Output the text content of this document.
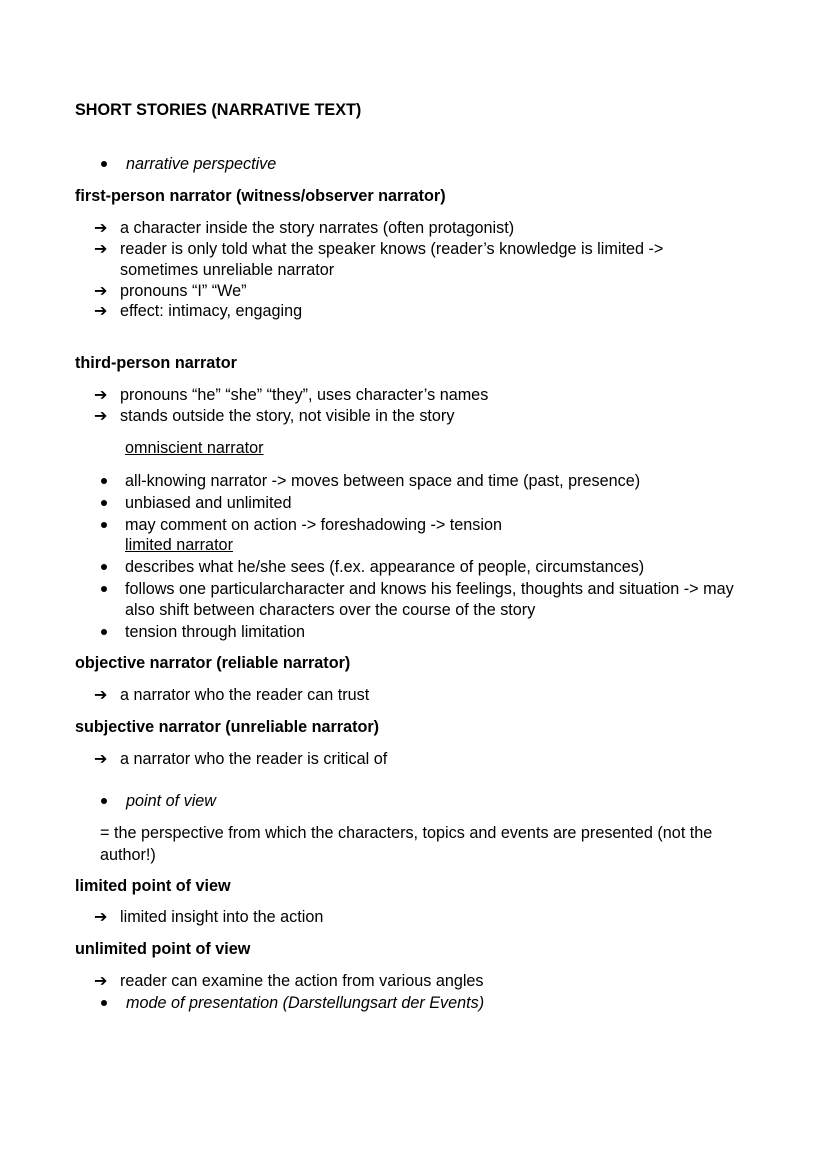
SHORT STORIES (NARRATIVE TEXT)
narrative perspective
first-person narrator (witness/observer narrator)
➔ a character inside the story narrates (often protagonist)
➔ reader is only told what the speaker knows (reader’s knowledge is limited ->
sometimes unreliable narrator
➔ pronouns “I” “We”
➔ effect: intimacy, engaging
third-person narrator
➔ pronouns “he” “she” “they”, uses character’s names
➔ stands outside the story, not visible in the story
omniscient narrator
all-knowing narrator -> moves between space and time (past, presence)
unbiased and unlimited
may comment on action -> foreshadowing -> tension
limited narrator
describes what he/she sees (f.ex. appearance of people, circumstances)
follows one particularcharacter and knows his feelings, thoughts and situation -> may
also shift between characters over the course of the story
tension through limitation
objective narrator (reliable narrator)
➔ a narrator who the reader can trust
subjective narrator (unreliable narrator)
➔ a narrator who the reader is critical of
point of view
= the perspective from which the characters, topics and events are presented (not the
author!)
limited point of view
➔ limited insight into the action
unlimited point of view
➔ reader can examine the action from various angles
mode of presentation (Darstellungsart der Events)
